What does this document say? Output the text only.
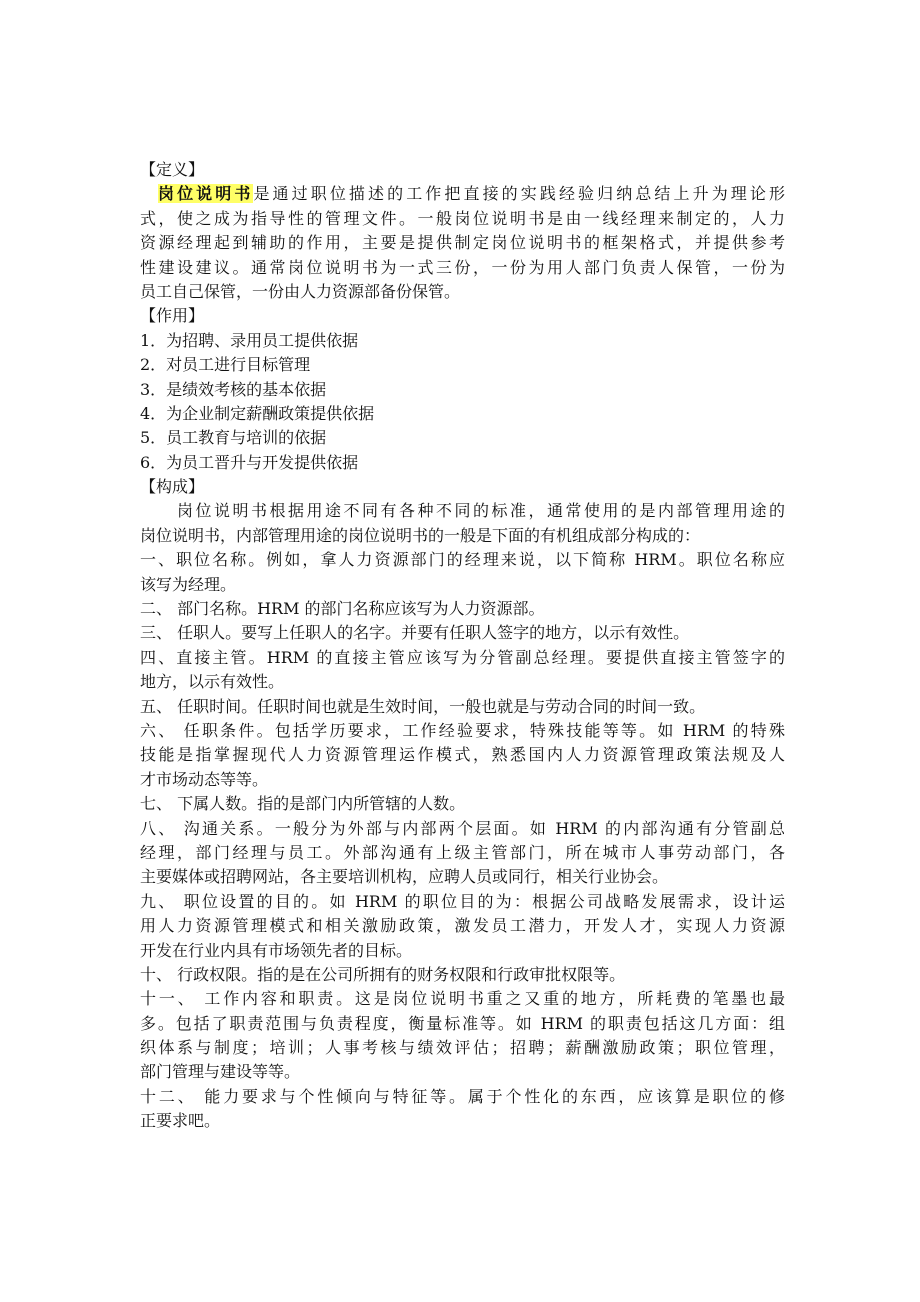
【定义】
岗位说明书是通过职位描述的工作把直接的实践经验归纳总结上升为理论形
式，使之成为指导性的管理文件。一般岗位说明书是由一线经理来制定的，人力
资源经理起到辅助的作用，主要是提供制定岗位说明书的框架格式，并提供参考
性建设建议。通常岗位说明书为一式三份，一份为用人部门负责人保管，一份为
员工自己保管，一份由人力资源部备份保管。
【作用】
1．为招聘、录用员工提供依据
2．对员工进行目标管理
3．是绩效考核的基本依据
4．为企业制定薪酬政策提供依据
5．员工教育与培训的依据
6．为员工晋升与开发提供依据
【构成】
岗位说明书根据用途不同有各种不同的标准，通常使用的是内部管理用途的
岗位说明书，内部管理用途的岗位说明书的一般是下面的有机组成部分构成的：
一、职位名称。例如，拿人力资源部门的经理来说，以下简称 HRM。职位名称应
该写为经理。
二、 部门名称。HRM 的部门名称应该写为人力资源部。
三、 任职人。要写上任职人的名字。并要有任职人签字的地方，以示有效性。
四、直接主管。HRM 的直接主管应该写为分管副总经理。要提供直接主管签字的
地方，以示有效性。
五、 任职时间。任职时间也就是生效时间，一般也就是与劳动合同的时间一致。
六、 任职条件。包括学历要求，工作经验要求，特殊技能等等。如 HRM 的特殊
技能是指掌握现代人力资源管理运作模式，熟悉国内人力资源管理政策法规及人
才市场动态等等。
七、 下属人数。指的是部门内所管辖的人数。
八、 沟通关系。一般分为外部与内部两个层面。如 HRM 的内部沟通有分管副总
经理，部门经理与员工。外部沟通有上级主管部门，所在城市人事劳动部门，各
主要媒体或招聘网站，各主要培训机构，应聘人员或同行，相关行业协会。
九、 职位设置的目的。如 HRM 的职位目的为：根据公司战略发展需求，设计运
用人力资源管理模式和相关激励政策，激发员工潜力，开发人才，实现人力资源
开发在行业内具有市场领先者的目标。
十、 行政权限。指的是在公司所拥有的财务权限和行政审批权限等。
十一、 工作内容和职责。这是岗位说明书重之又重的地方，所耗费的笔墨也最
多。包括了职责范围与负责程度，衡量标准等。如 HRM 的职责包括这几方面：组
织体系与制度；培训；人事考核与绩效评估；招聘；薪酬激励政策；职位管理，
部门管理与建设等等。
十二、 能力要求与个性倾向与特征等。属于个性化的东西，应该算是职位的修
正要求吧。
